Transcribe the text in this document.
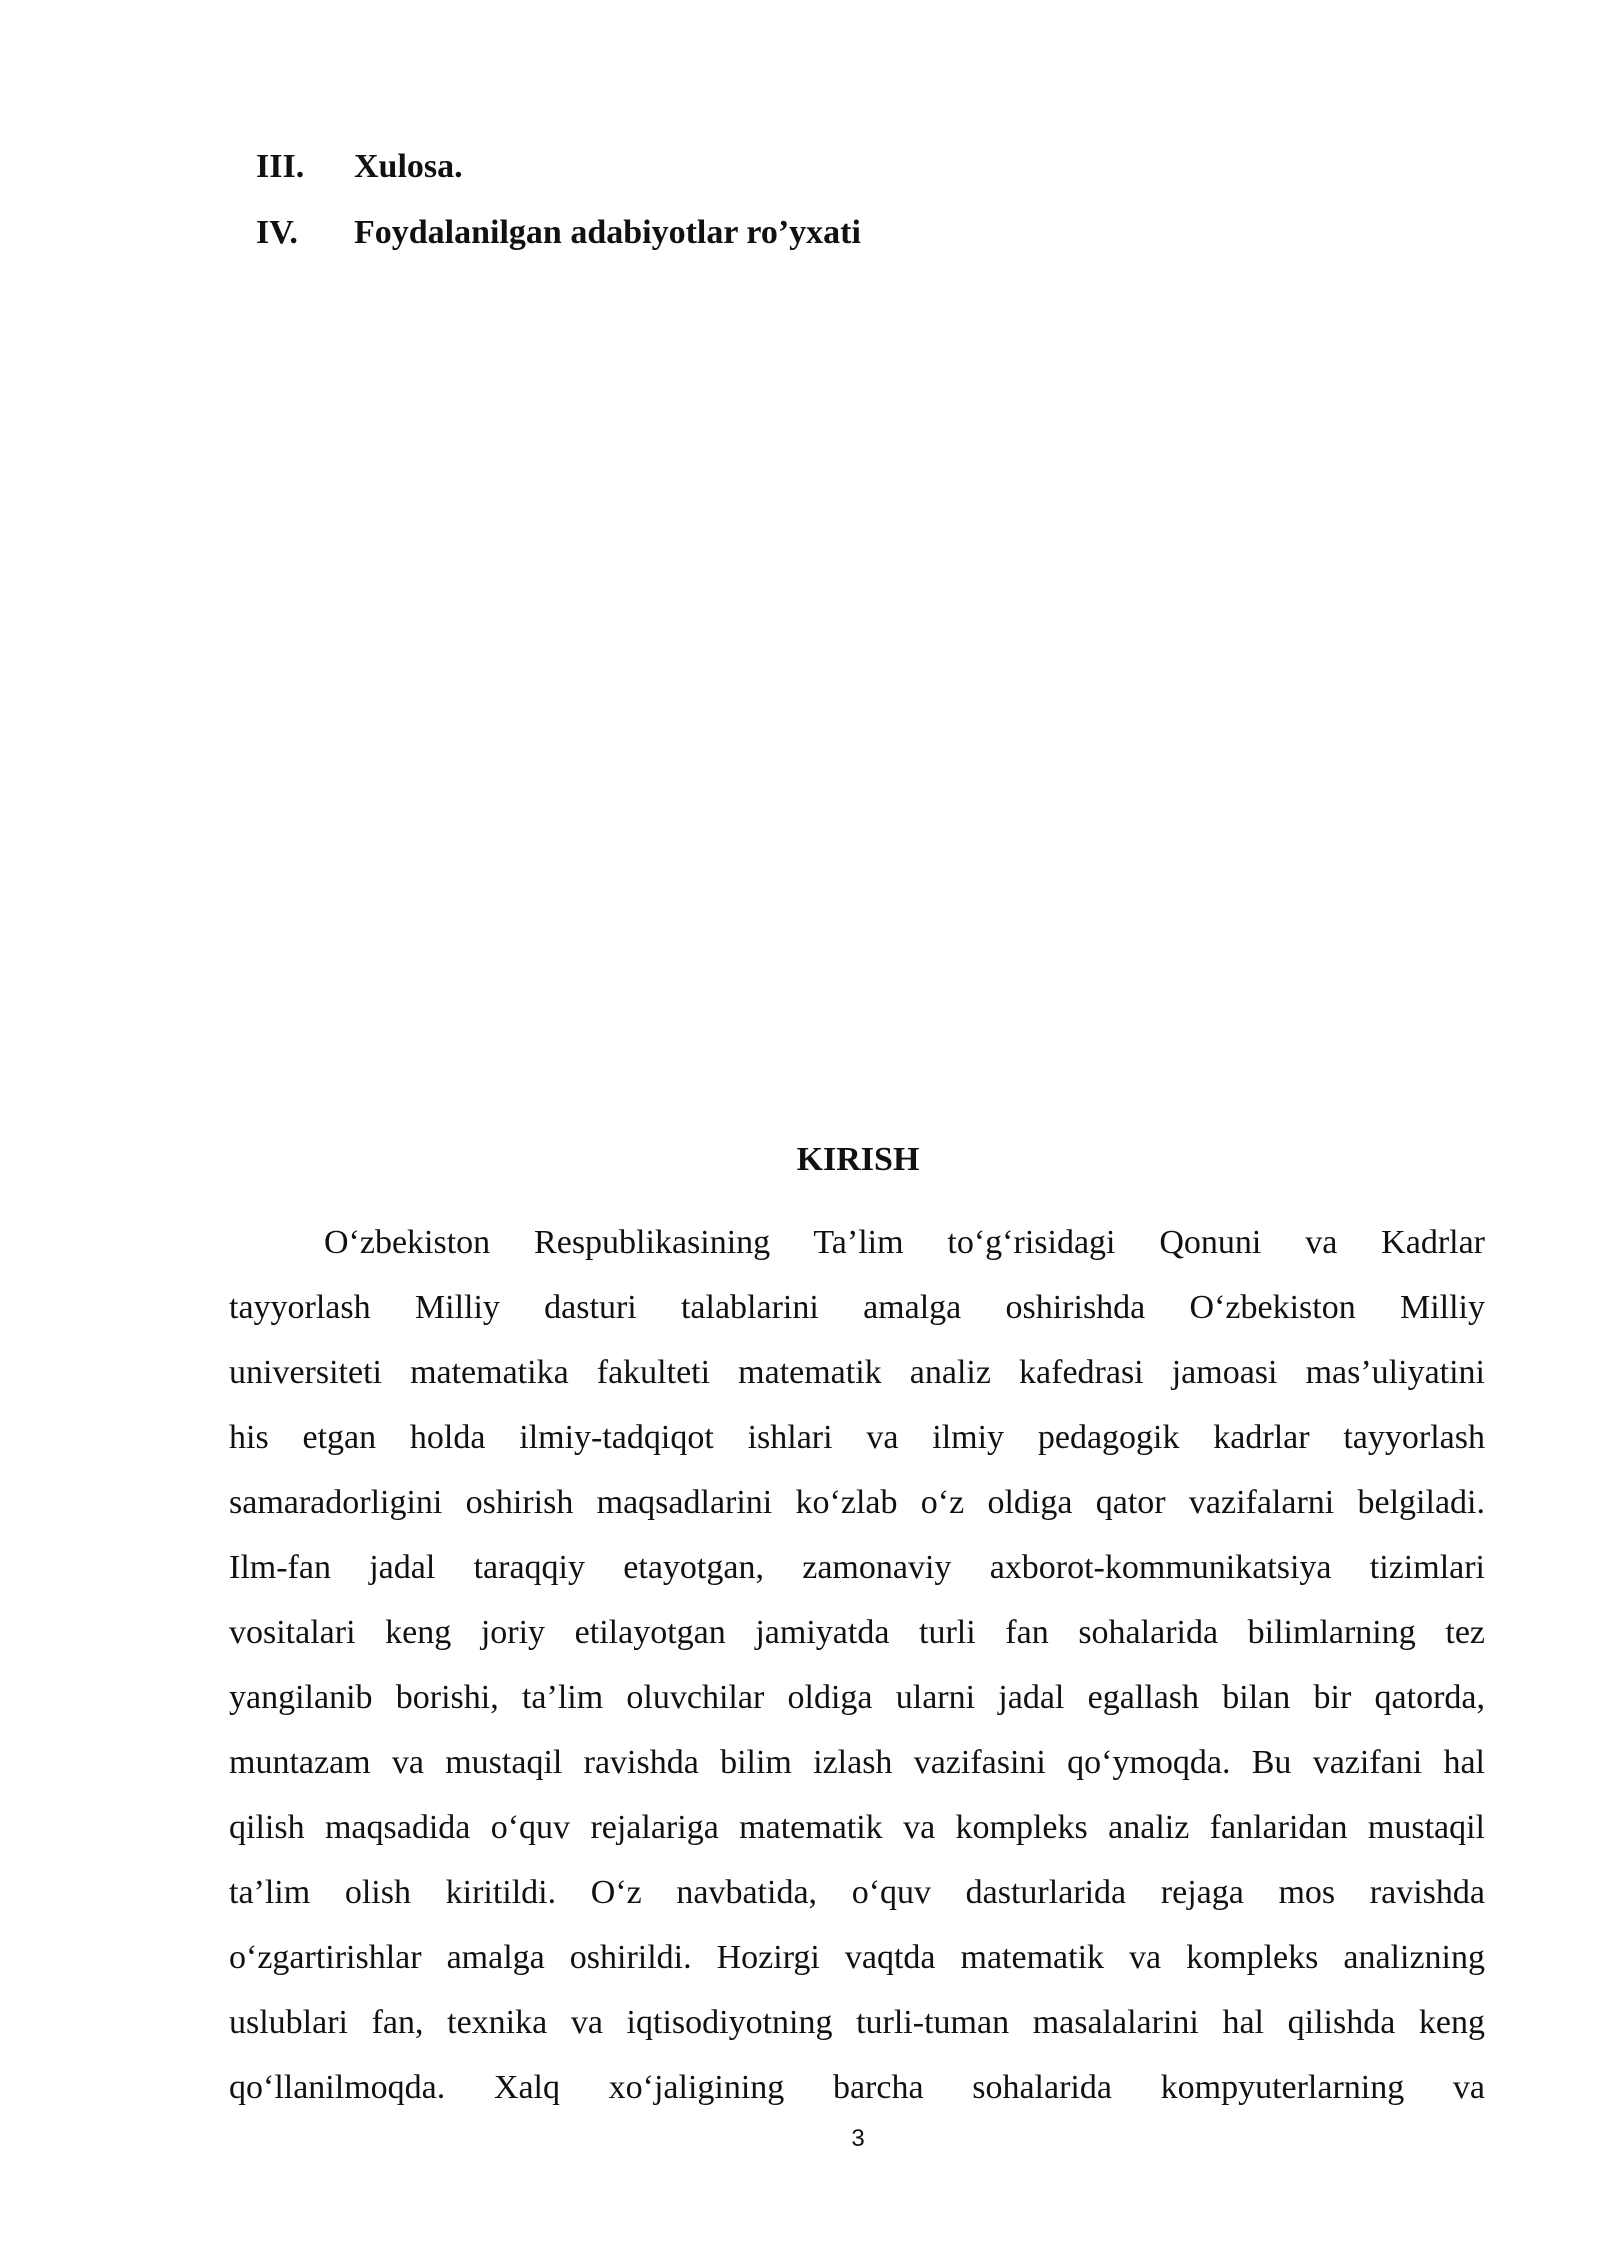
III.	Xulosa.
IV.	Foydalanilgan adabiyotlar ro’yxati
KIRISH
O‘zbekiston Respublikasining Ta’lim to‘g‘risidagi Qonuni va Kadrlar
tayyorlash Milliy dasturi talablarini amalga oshirishda O‘zbekiston Milliy
universiteti matematika fakulteti matematik analiz kafedrasi jamoasi mas’uliyatini
his etgan holda ilmiy-tadqiqot ishlari va ilmiy pedagogik kadrlar tayyorlash
samaradorligini oshirish maqsadlarini ko‘zlab o‘z oldiga qator vazifalarni belgiladi.
Ilm-fan jadal taraqqiy etayotgan, zamonaviy axborot-kommunikatsiya tizimlari
vositalari keng joriy etilayotgan jamiyatda turli fan sohalarida bilimlarning tez
yangilanib borishi, ta’lim oluvchilar oldiga ularni jadal egallash bilan bir qatorda,
muntazam va mustaqil ravishda bilim izlash vazifasini qo‘ymoqda. Bu vazifani hal
qilish maqsadida o‘quv rejalariga matematik va kompleks analiz fanlaridan mustaqil
ta’lim olish kiritildi. O‘z navbatida, o‘quv dasturlarida rejaga mos ravishda
o‘zgartirishlar amalga oshirildi. Hozirgi vaqtda matematik va kompleks analizning
uslublari fan, texnika va iqtisodiyotning turli-tuman masalalarini hal qilishda keng
qo‘llanilmoqda. Xalq xo‘jaligining barcha sohalarida kompyuterlarning va
3
